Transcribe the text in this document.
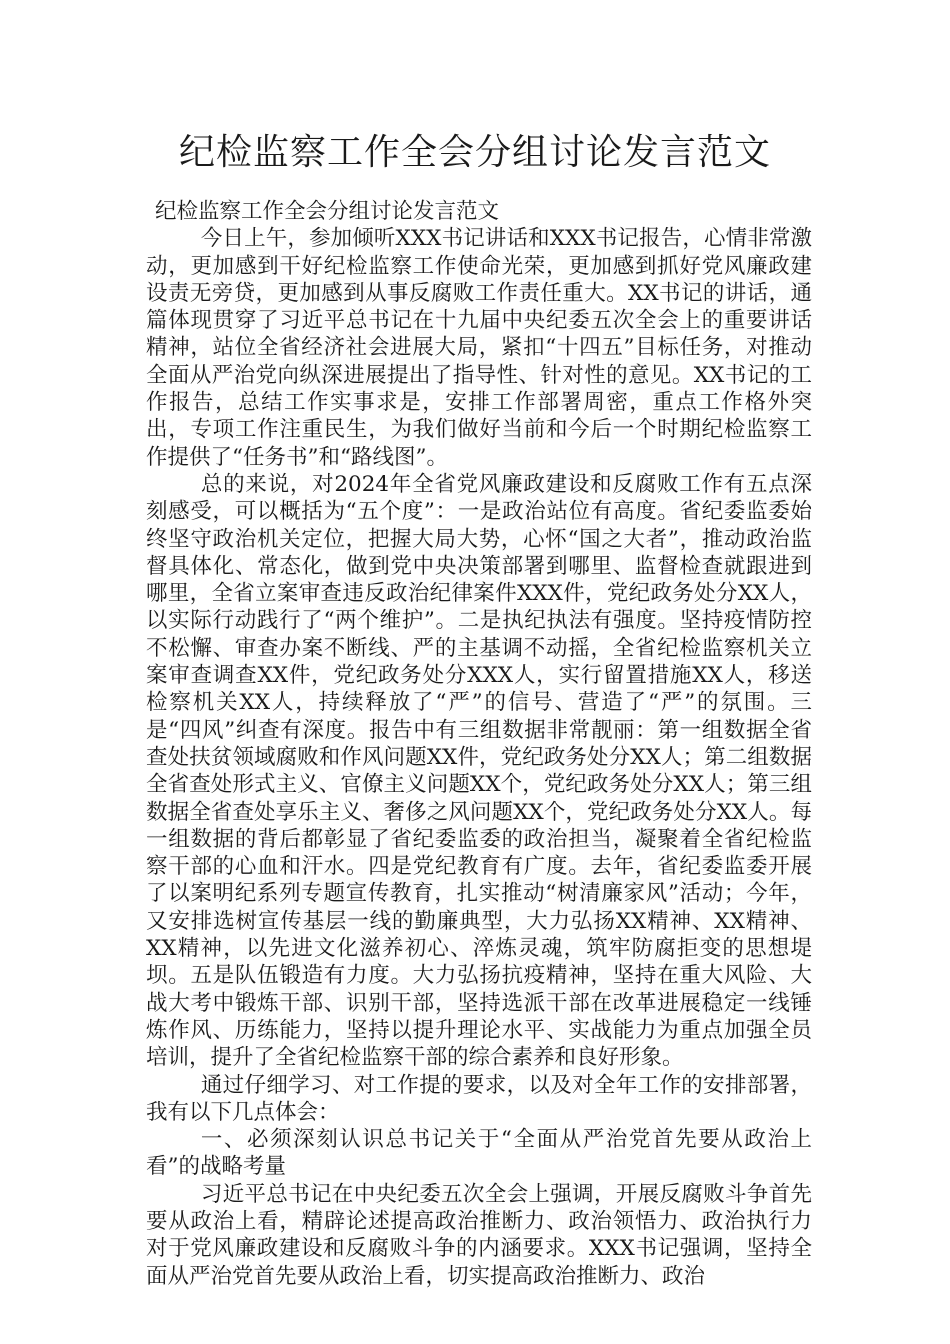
纪检监察工作全会分组讨论发言范文

纪检监察工作全会分组讨论发言范文

今日上午，参加倾听XXX书记讲话和XXX书记报告，心情非常激动，更加感到干好纪检监察工作使命光荣，更加感到抓好党风廉政建设责无旁贷，更加感到从事反腐败工作责任重大。XX书记的讲话，通篇体现贯穿了习近平总书记在十九届中央纪委五次全会上的重要讲话精神，站位全省经济社会进展大局，紧扣“十四五”目标任务，对推动全面从严治党向纵深进展提出了指导性、针对性的意见。XX书记的工作报告，总结工作实事求是，安排工作部署周密，重点工作格外突出，专项工作注重民生，为我们做好当前和今后一个时期纪检监察工作提供了“任务书”和“路线图”。

总的来说，对2024年全省党风廉政建设和反腐败工作有五点深刻感受，可以概括为“五个度”：一是政治站位有高度。省纪委监委始终坚守政治机关定位，把握大局大势，心怀“国之大者”，推动政治监督具体化、常态化，做到党中央决策部署到哪里、监督检查就跟进到哪里，全省立案审查违反政治纪律案件XXX件，党纪政务处分XX人，以实际行动践行了“两个维护”。二是执纪执法有强度。坚持疫情防控不松懈、审查办案不断线、严的主基调不动摇，全省纪检监察机关立案审查调查XX件，党纪政务处分XXX人，实行留置措施XX人，移送检察机关XX人，持续释放了“严”的信号、营造了“严”的氛围。三是“四风”纠查有深度。报告中有三组数据非常靓丽：第一组数据全省查处扶贫领域腐败和作风问题XX件，党纪政务处分XX人；第二组数据全省查处形式主义、官僚主义问题XX个，党纪政务处分XX人；第三组数据全省查处享乐主义、奢侈之风问题XX个，党纪政务处分XX人。每一组数据的背后都彰显了省纪委监委的政治担当，凝聚着全省纪检监察干部的心血和汗水。四是党纪教育有广度。去年，省纪委监委开展了以案明纪系列专题宣传教育，扎实推动“树清廉家风”活动；今年，又安排选树宣传基层一线的勤廉典型，大力弘扬XX精神、XX精神、XX精神，以先进文化滋养初心、淬炼灵魂，筑牢防腐拒变的思想堤坝。五是队伍锻造有力度。大力弘扬抗疫精神，坚持在重大风险、大战大考中锻炼干部、识别干部，坚持选派干部在改革进展稳定一线锤炼作风、历练能力，坚持以提升理论水平、实战能力为重点加强全员培训，提升了全省纪检监察干部的综合素养和良好形象。

通过仔细学习、对工作提的要求，以及对全年工作的安排部署，我有以下几点体会：

一、必须深刻认识总书记关于“全面从严治党首先要从政治上看”的战略考量

习近平总书记在中央纪委五次全会上强调，开展反腐败斗争首先要从政治上看，精辟论述提高政治推断力、政治领悟力、政治执行力对于党风廉政建设和反腐败斗争的内涵要求。XXX书记强调，坚持全面从严治党首先要从政治上看，切实提高政治推断力、政治
